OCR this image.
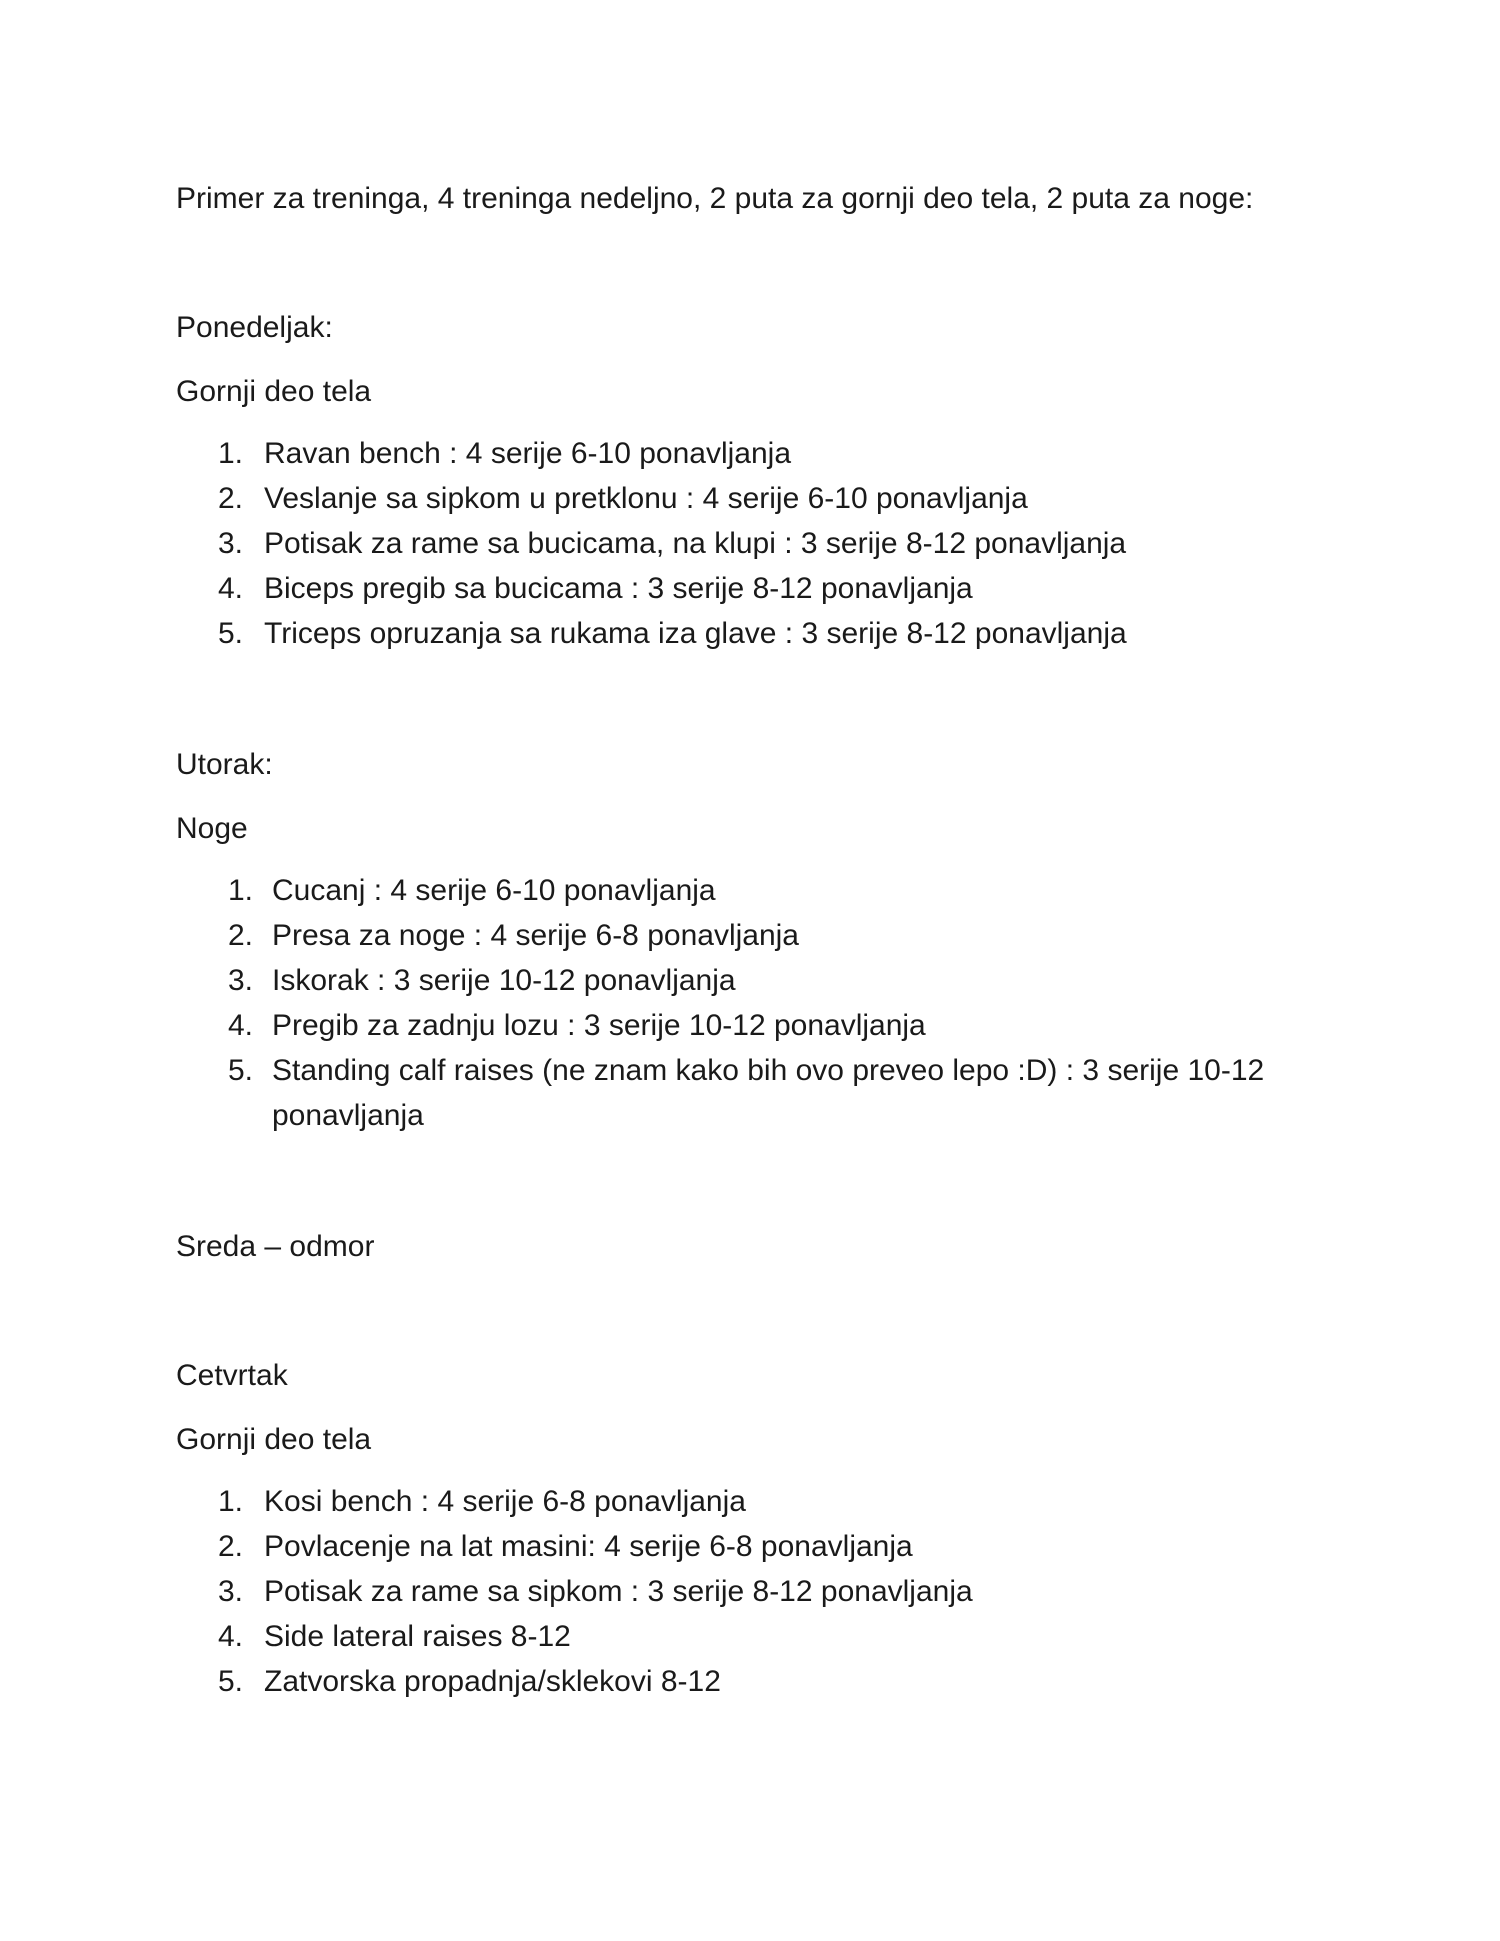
Primer za treninga, 4 treninga nedeljno, 2 puta za gornji deo tela, 2 puta za noge:
Ponedeljak:
Gornji deo tela
1. Ravan bench : 4 serije 6-10 ponavljanja
2. Veslanje sa sipkom u pretklonu : 4 serije 6-10 ponavljanja
3. Potisak za rame sa bucicama, na klupi : 3 serije 8-12 ponavljanja
4. Biceps pregib sa bucicama : 3 serije 8-12 ponavljanja
5. Triceps opruzanja sa rukama iza glave : 3 serije 8-12 ponavljanja
Utorak:
Noge
1. Cucanj : 4 serije 6-10 ponavljanja
2. Presa za noge : 4 serije 6-8 ponavljanja
3. Iskorak : 3 serije 10-12 ponavljanja
4. Pregib za zadnju lozu : 3 serije 10-12 ponavljanja
5. Standing calf raises (ne znam kako bih ovo preveo lepo :D) : 3 serije 10-12 ponavljanja
Sreda – odmor
Cetvrtak
Gornji deo tela
1. Kosi bench : 4 serije 6-8 ponavljanja
2. Povlacenje na lat masini: 4 serije 6-8 ponavljanja
3. Potisak za rame sa sipkom : 3 serije 8-12 ponavljanja
4. Side lateral raises 8-12
5. Zatvorska propadnja/sklekovi 8-12
